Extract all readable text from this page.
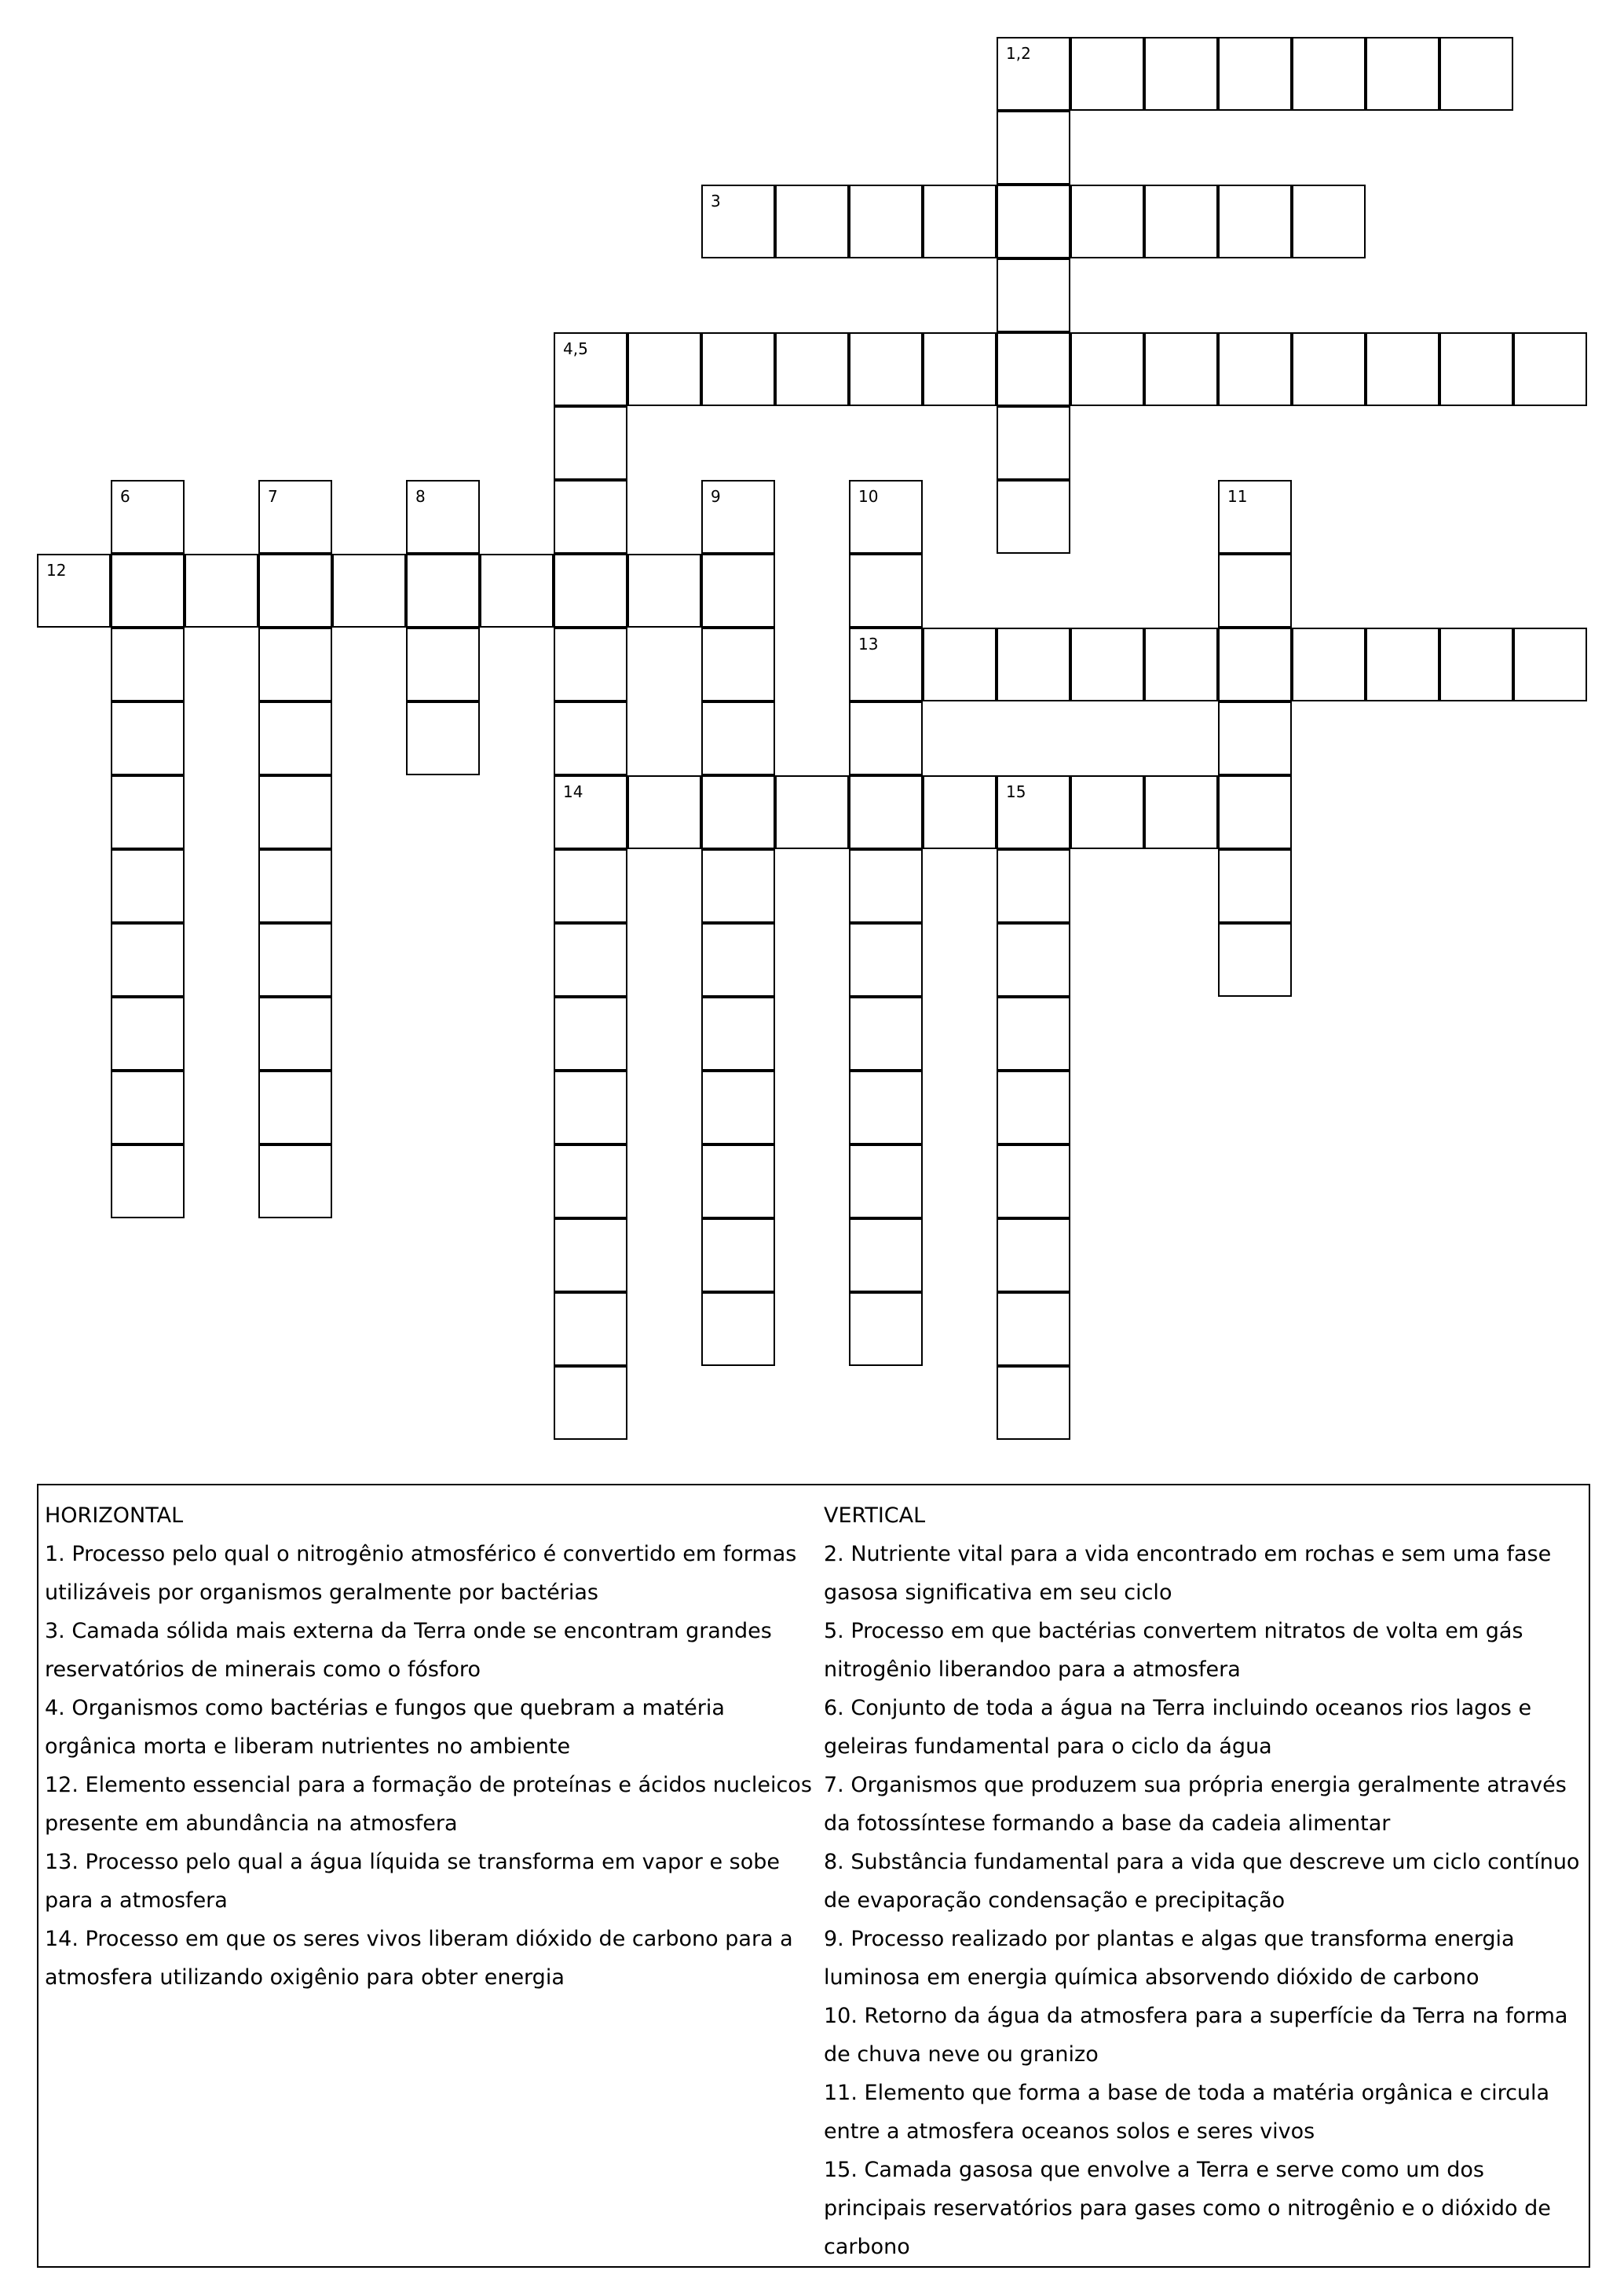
1,2
3
4,5
14
6	7	8	9	10
13
11
12
15
HORIZONTAL
1. Processo pelo qual o nitrogênio atmosférico é convertido em formas utilizáveis por organismos geralmente por bactérias
3. Camada sólida mais externa da Terra onde se encontram grandes reservatórios de minerais como o fósforo
4. Organismos como bactérias e fungos que quebram a matéria orgânica morta e liberam nutrientes no ambiente
12. Elemento essencial para a formação de proteínas e ácidos nucleicos presente em abundância na atmosfera
13. Processo pelo qual a água líquida se transforma em vapor e sobe para a atmosfera
14. Processo em que os seres vivos liberam dióxido de carbono para a atmosfera utilizando oxigênio para obter energia
VERTICAL
2. Nutriente vital para a vida encontrado em rochas e sem uma fase gasosa significativa em seu ciclo
5. Processo em que bactérias convertem nitratos de volta em gás nitrogênio liberandoo para a atmosfera
6. Conjunto de toda a água na Terra incluindo oceanos rios lagos e geleiras fundamental para o ciclo da água
7. Organismos que produzem sua própria energia geralmente através da fotossíntese formando a base da cadeia alimentar
8. Substância fundamental para a vida que descreve um ciclo contínuo de evaporação condensação e precipitação
9. Processo realizado por plantas e algas que transforma energia luminosa em energia química absorvendo dióxido de carbono
10. Retorno da água da atmosfera para a superfície da Terra na forma de chuva neve ou granizo
11. Elemento que forma a base de toda a matéria orgânica e circula entre a atmosfera oceanos solos e seres vivos
15. Camada gasosa que envolve a Terra e serve como um dos principais reservatórios para gases como o nitrogênio e o dióxido de carbono
